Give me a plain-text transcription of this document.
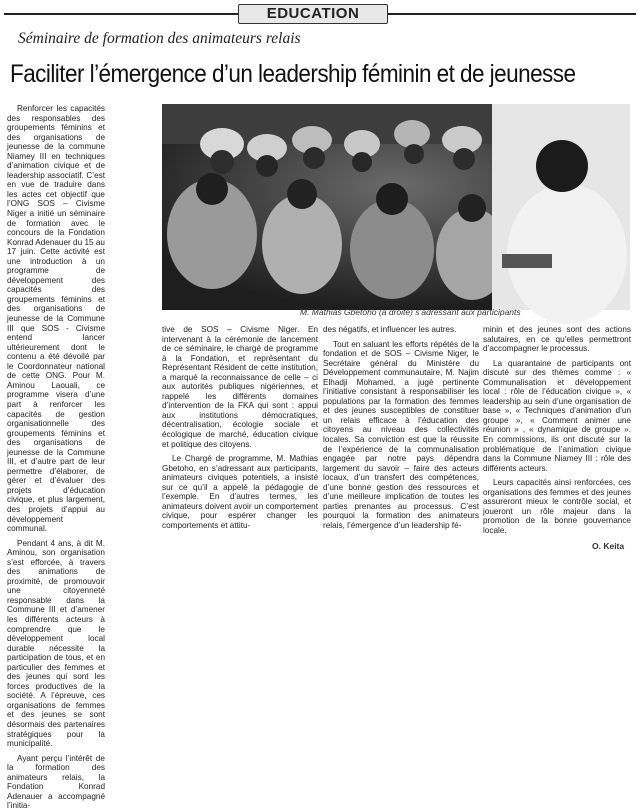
EDUCATION
Séminaire de formation des animateurs relais
Faciliter l’émergence d’un leadership féminin et de jeunesse

Renforcer les capacités des responsables des groupements féminins et des organisations de jeunesse de la commune Niamey III en techniques d’animation civique et de leadership associatif. C’est en vue de traduire dans les actes cet objectif que l’ONG SOS – Civisme Niger a initié un séminaire de formation avec le concours de la Fondation Konrad Adenauer du 15 au 17 juin. Cette activité est une introduction à un programme de développement des capacités des groupements féminins et des organisations de jeunesse de la Commune III que SOS - Civisme entend lancer ultérieurement dont le contenu a été dévoilé par le Coordonnateur national de cette ONG. Pour M. Aminou Laouali, ce programme visera d’une part à renforcer les capacités de gestion organisationnelle des groupements féminins et des organisations de jeunesse de la Commune III, et d’autre part de leur permettre d’élaborer, de gérer et d’évaluer des projets d’éducation civique, et plus largement, des projets d’appui au développement communal.

Pendant 4 ans, à dit M. Aminou, son organisation s’est efforcée, à travers des animations de proximité, de promouvoir une citoyenneté responsable dans la Commune III et d’amener les différents acteurs à comprendre que le développement local durable nécessite la participation de tous, et en particulier des femmes et des jeunes qui sont les forces productives de la société. A l’épreuve, ces organisations de femmes et des jeunes se sont désormais des partenaires stratégiques pour la municipalité.

Ayant perçu l’intérêt de la formation des animateurs relais, la Fondation Konrad Adenauer a accompagné l’initia-

M. Mathias Gbetoho (à droite) s’adressant aux participants

tive de SOS – Civisme Niger. En intervenant à la cérémonie de lancement de ce séminaire, le chargé de programme à la Fondation, et représentant du Représentant Résident de cette institution, a marqué la reconnaissance de celle – ci aux autorités publiques nigériennes, et rappelé les différents domaines d’intervention de la FKA qui sont : appui aux institutions démocratiques, décentralisation, écologie sociale et écologique de marché, éducation civique et politique des citoyens.

Le Chargé de programme, M. Mathias Gbetoho, en s’adressant aux participants, animateurs civiques potentiels, a insisté sur ce qu’il a appelé la pédagogie de l’exemple. En d’autres termes, les animateurs doivent avoir un comportement civique, pour espérer changer les comportements et attitu-

des négatifs, et influencer les autres.

Tout en saluant les efforts répétés de la fondation et de SOS – Civisme Niger, le Secrétaire général du Ministère du Développement communautaire, M. Najim Elhadji Mohamed, a jugé pertinente l’initiative consistant à responsabiliser les populations par la formation des femmes et des jeunes susceptibles de constituer un relais efficace à l’éducation des citoyens au niveau des collectivités locales. Sa conviction est que la réussite de l’expérience de la communalisation engagée par notre pays dépendra largement du savoir – faire des acteurs locaux, d’un transfert des compétences, d’une bonne gestion des ressources et d’une meilleure implication de toutes les parties prenantes au processus. C’est pourquoi la formation des animateurs relais, l’émergence d’un leadership fé-

minin et des jeunes sont des actions salutaires, en ce qu’elles permettront d’accompagner le processus.

La quarantaine de participants ont discuté sur des thèmes comme : « Communalisation et développement local : rôle de l’éducation civique », « leadership au sein d’une organisation de base », « Techniques d’animation d’un groupe », « Comment animer une réunion » , « dynamique de groupe ». En commissions, ils ont discuté sur la problématique de l’animation civique dans la Commune Niamey III : rôle des différents acteurs.

Leurs capacités ainsi renforcées, ces organisations des femmes et des jeunes assureront mieux le contrôle social, et joueront un rôle majeur dans la promotion de la bonne gouvernance locale.

O. Keita
